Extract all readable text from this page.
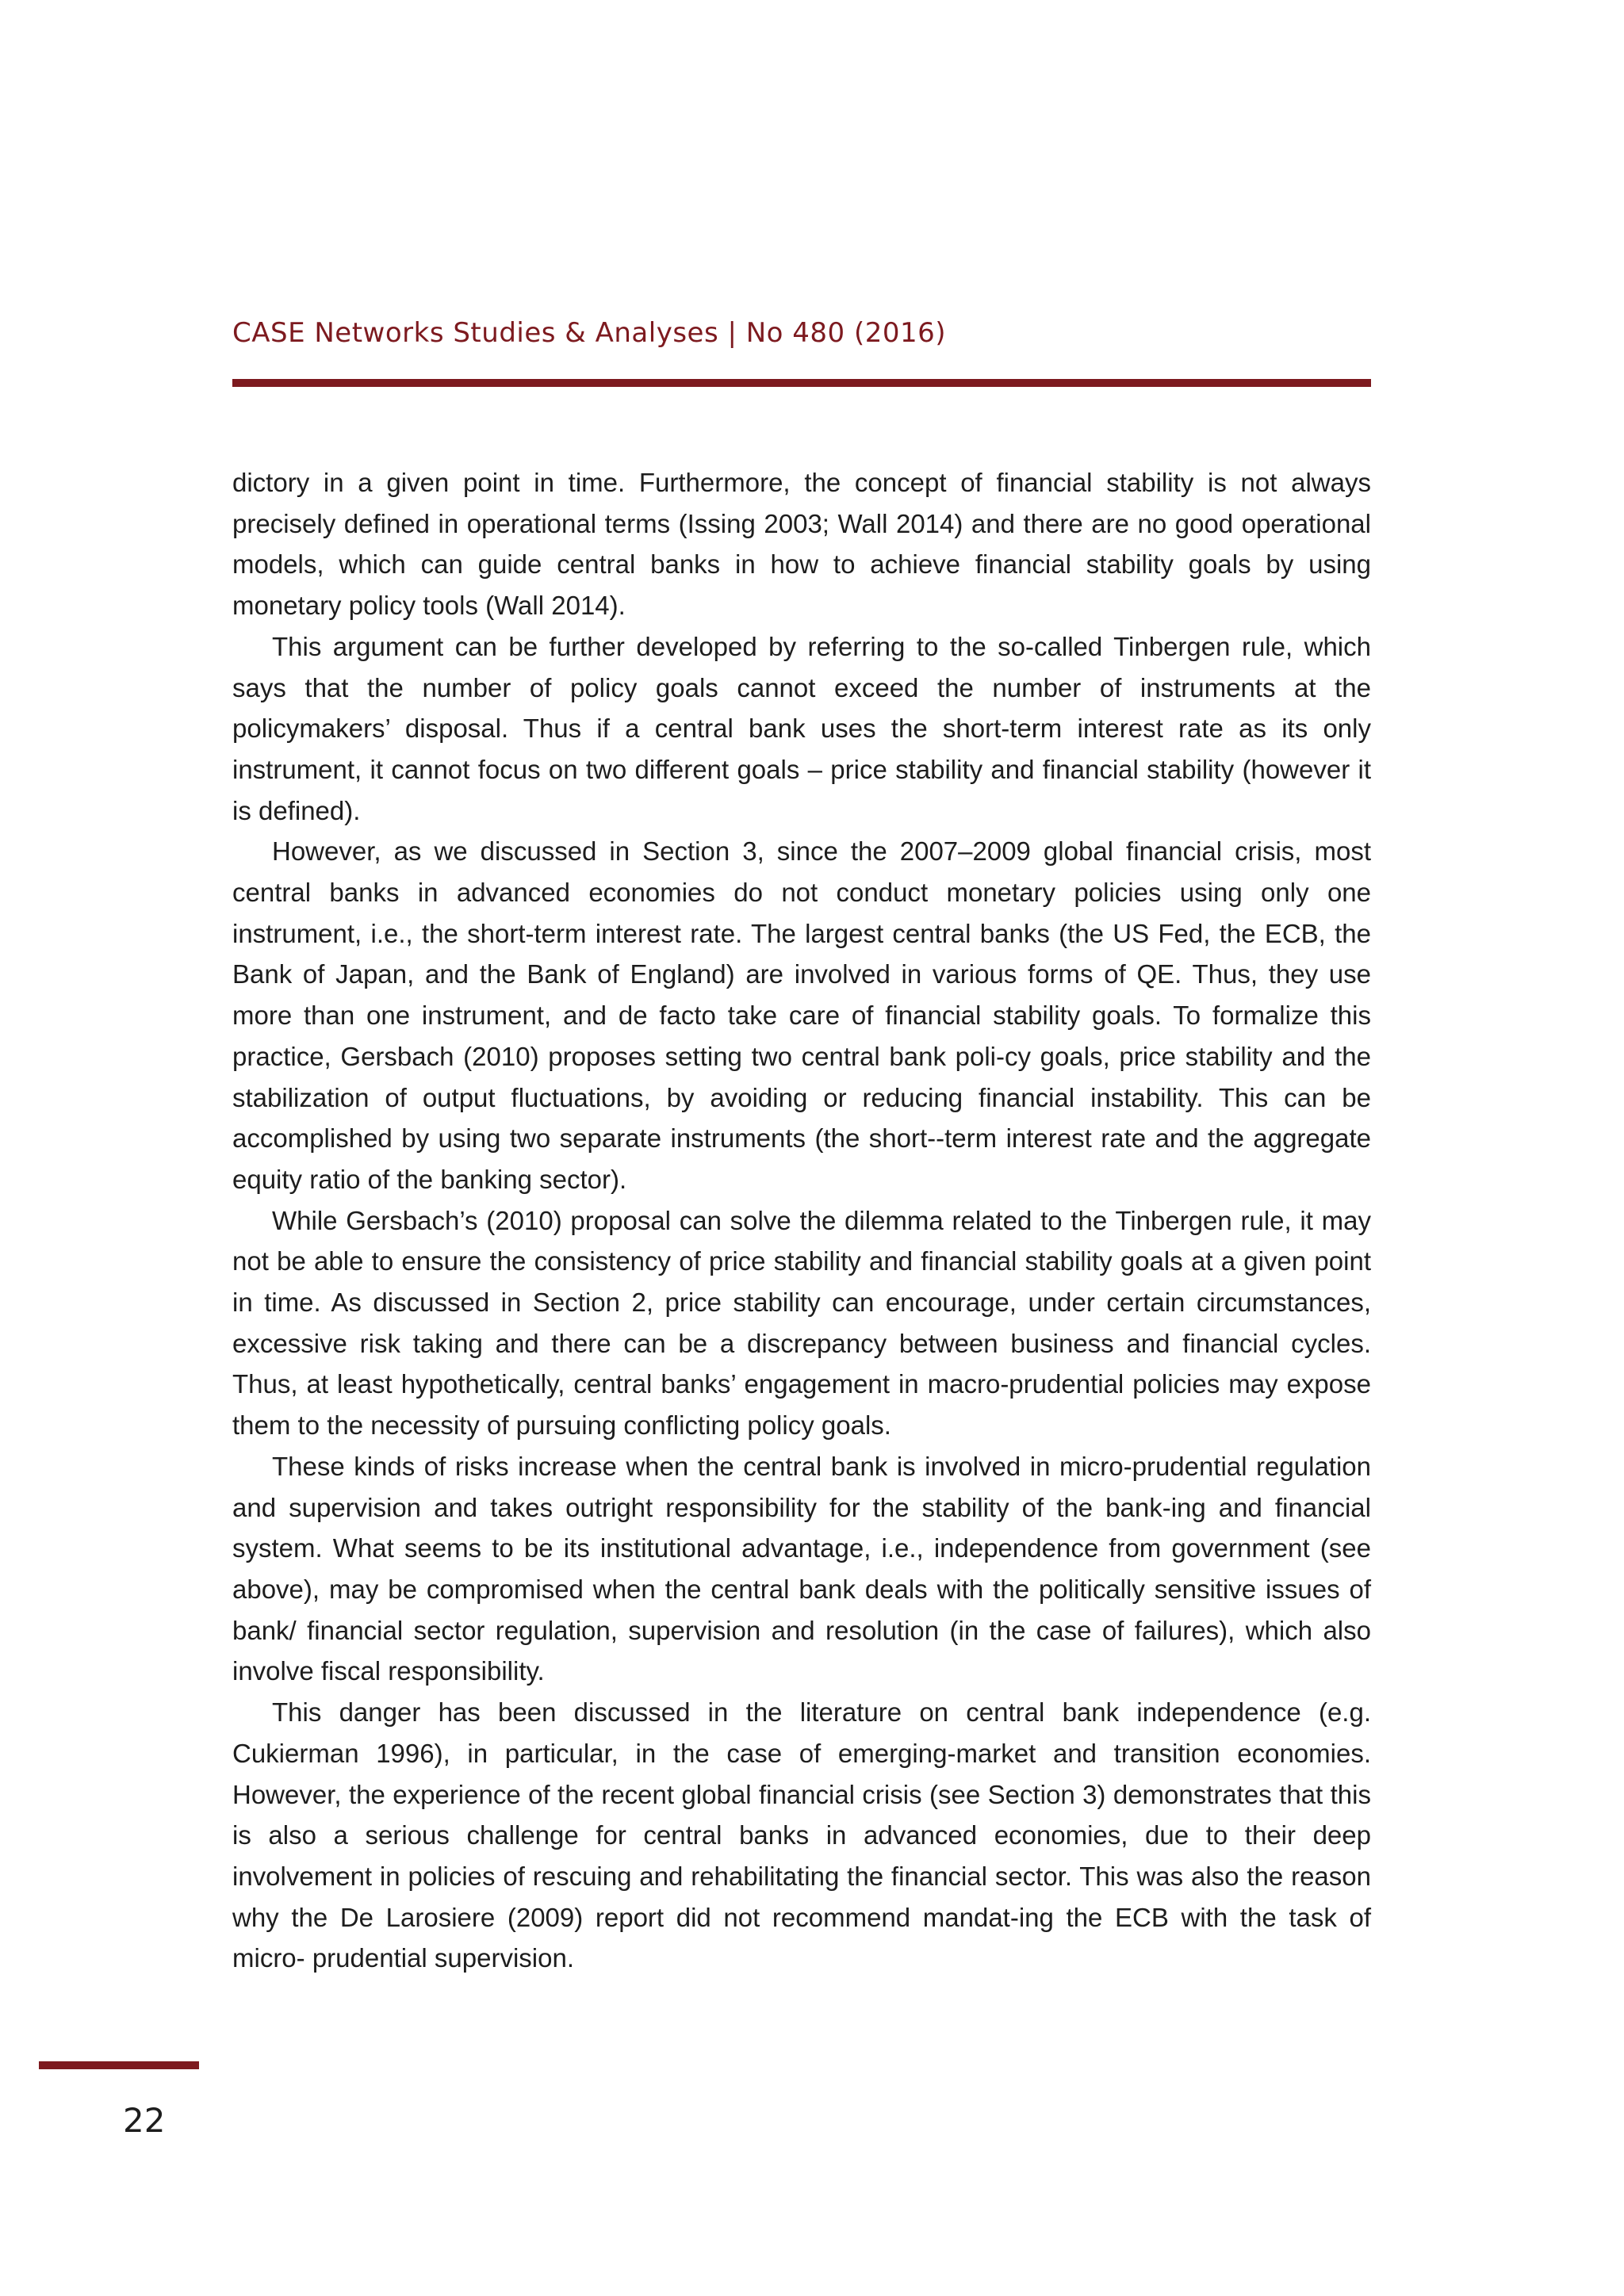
CASE Networks Studies & Analyses | No 480 (2016)

dictory in a given point in time. Furthermore, the concept of financial stability is not always precisely defined in operational terms (Issing 2003; Wall 2014) and there are no good operational models, which can guide central banks in how to achieve financial stability goals by using monetary policy tools (Wall 2014).

This argument can be further developed by referring to the so-called Tinbergen rule, which says that the number of policy goals cannot exceed the number of instruments at the policymakers’ disposal. Thus if a central bank uses the short-term interest rate as its only instrument, it cannot focus on two different goals – price stability and financial stability (however it is defined).

However, as we discussed in Section 3, since the 2007–2009 global financial crisis, most central banks in advanced economies do not conduct monetary policies using only one instrument, i.e., the short-term interest rate. The largest central banks (the US Fed, the ECB, the Bank of Japan, and the Bank of England) are involved in various forms of QE. Thus, they use more than one instrument, and de facto take care of financial stability goals. To formalize this practice, Gersbach (2010) proposes setting two central bank poli-cy goals, price stability and the stabilization of output fluctuations, by avoiding or reducing financial instability. This can be accomplished by using two separate instruments (the short--term interest rate and the aggregate equity ratio of the banking sector).

While Gersbach’s (2010) proposal can solve the dilemma related to the Tinbergen rule, it may not be able to ensure the consistency of price stability and financial stability goals at a given point in time. As discussed in Section 2, price stability can encourage, under certain circumstances, excessive risk taking and there can be a discrepancy between business and financial cycles. Thus, at least hypothetically, central banks’ engagement in macro-prudential policies may expose them to the necessity of pursuing conflicting policy goals.

These kinds of risks increase when the central bank is involved in micro-prudential regulation and supervision and takes outright responsibility for the stability of the bank-ing and financial system. What seems to be its institutional advantage, i.e., independence from government (see above), may be compromised when the central bank deals with the politically sensitive issues of bank/ financial sector regulation, supervision and resolution (in the case of failures), which also involve fiscal responsibility.

This danger has been discussed in the literature on central bank independence (e.g. Cukierman 1996), in particular, in the case of emerging-market and transition economies. However, the experience of the recent global financial crisis (see Section 3) demonstrates that this is also a serious challenge for central banks in advanced economies, due to their deep involvement in policies of rescuing and rehabilitating the financial sector. This was also the reason why the De Larosiere (2009) report did not recommend mandat-ing the ECB with the task of micro- prudential supervision.

22
